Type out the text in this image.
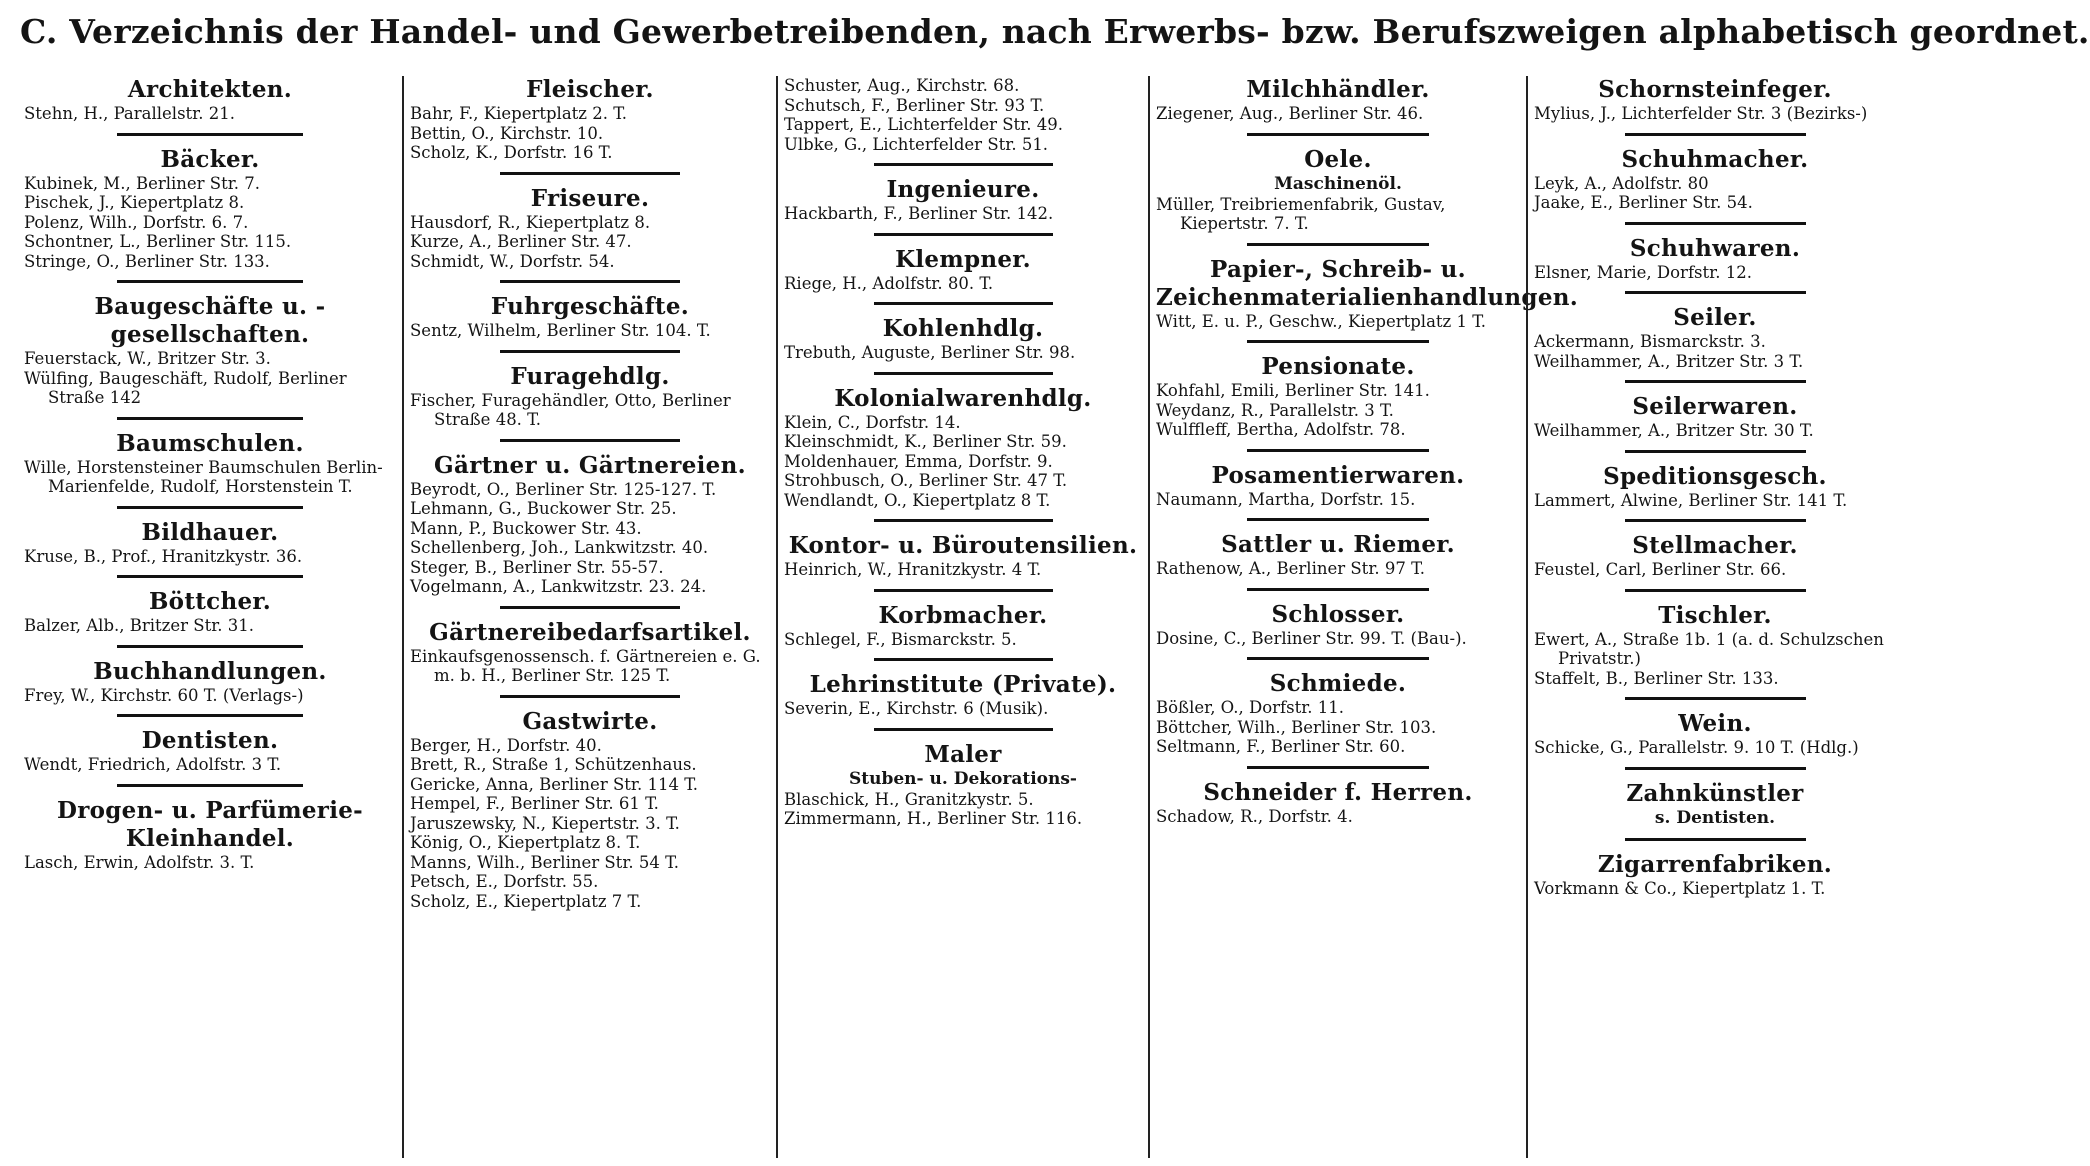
C. Verzeichnis der Handel- und Gewerbetreibenden, nach Erwerbs- bzw. Berufszweigen alphabetisch geordnet.
Architekten.
Stehn, H., Parallelstr. 21.
Bäcker.
Kubinek, M., Berliner Str. 7.
Pischek, J., Kiepertplatz 8.
Polenz, Wilh., Dorfstr. 6. 7.
Schontner, L., Berliner Str. 115.
Stringe, O., Berliner Str. 133.
Baugeschäfte u. -gesellschaften.
Feuerstack, W., Britzer Str. 3.
Wülfing, Baugeschäft, Rudolf, Berliner Straße 142
Baumschulen.
Wille, Horstensteiner Baumschulen Berlin-Marienfelde, Rudolf, Horstenstein T.
Bildhauer.
Kruse, B., Prof., Hranitzkystr. 36.
Böttcher.
Balzer, Alb., Britzer Str. 31.
Buchhandlungen.
Frey, W., Kirchstr. 60 T. (Verlags-)
Dentisten.
Wendt, Friedrich, Adolfstr. 3 T.
Drogen- u. Parfümerie-Kleinhandel.
Lasch, Erwin, Adolfstr. 3. T.
Fleischer.
Bahr, F., Kiepertplatz 2. T.
Bettin, O., Kirchstr. 10.
Scholz, K., Dorfstr. 16 T.
Friseure.
Hausdorf, R., Kiepertplatz 8.
Kurze, A., Berliner Str. 47.
Schmidt, W., Dorfstr. 54.
Fuhrgeschäfte.
Sentz, Wilhelm, Berliner Str. 104. T.
Furagehdlg.
Fischer, Furagehändler, Otto, Berliner Straße 48. T.
Gärtner u. Gärtnereien.
Beyrodt, O., Berliner Str. 125-127. T.
Lehmann, G., Buckower Str. 25.
Mann, P., Buckower Str. 43.
Schellenberg, Joh., Lankwitzstr. 40.
Steger, B., Berliner Str. 55-57.
Vogelmann, A., Lankwitzstr. 23. 24.
Gärtnereibedarfsartikel.
Einkaufsgenossensch. f. Gärtnereien e. G. m. b. H., Berliner Str. 125 T.
Gastwirte.
Berger, H., Dorfstr. 40.
Brett, R., Straße 1, Schützenhaus.
Gericke, Anna, Berliner Str. 114 T.
Hempel, F., Berliner Str. 61 T.
Jaruszewsky, N., Kiepertstr. 3. T.
König, O., Kiepertplatz 8. T.
Manns, Wilh., Berliner Str. 54 T.
Petsch, E., Dorfstr. 55.
Scholz, E., Kiepertplatz 7 T.
Schuster, Aug., Kirchstr. 68.
Schutsch, F., Berliner Str. 93 T.
Tappert, E., Lichterfelder Str. 49.
Ulbke, G., Lichterfelder Str. 51.
Ingenieure.
Hackbarth, F., Berliner Str. 142.
Klempner.
Riege, H., Adolfstr. 80. T.
Kohlenhdlg.
Trebuth, Auguste, Berliner Str. 98.
Kolonialwarenhdlg.
Klein, C., Dorfstr. 14.
Kleinschmidt, K., Berliner Str. 59.
Moldenhauer, Emma, Dorfstr. 9.
Strohbusch, O., Berliner Str. 47 T.
Wendlandt, O., Kiepertplatz 8 T.
Kontor- u. Büroutensilien.
Heinrich, W., Hranitzkystr. 4 T.
Korbmacher.
Schlegel, F., Bismarckstr. 5.
Lehrinstitute (Private).
Severin, E., Kirchstr. 6 (Musik).
Maler
Stuben- u. Dekorations-
Blaschick, H., Granitzkystr. 5.
Zimmermann, H., Berliner Str. 116.
Milchhändler.
Ziegener, Aug., Berliner Str. 46.
Oele.
Maschinenöl.
Müller, Treibriemenfabrik, Gustav, Kiepertstr. 7. T.
Papier-, Schreib- u. Zeichenmaterialienhandlungen.
Witt, E. u. P., Geschw., Kiepertplatz 1 T.
Pensionate.
Kohfahl, Emili, Berliner Str. 141.
Weydanz, R., Parallelstr. 3 T.
Wulffleff, Bertha, Adolfstr. 78.
Posamentierwaren.
Naumann, Martha, Dorfstr. 15.
Sattler u. Riemer.
Rathenow, A., Berliner Str. 97 T.
Schlosser.
Dosine, C., Berliner Str. 99. T. (Bau-).
Schmiede.
Bößler, O., Dorfstr. 11.
Böttcher, Wilh., Berliner Str. 103.
Seltmann, F., Berliner Str. 60.
Schneider f. Herren.
Schadow, R., Dorfstr. 4.
Schornsteinfeger.
Mylius, J., Lichterfelder Str. 3 (Bezirks-)
Schuhmacher.
Leyk, A., Adolfstr. 80
Jaake, E., Berliner Str. 54.
Schuhwaren.
Elsner, Marie, Dorfstr. 12.
Seiler.
Ackermann, Bismarckstr. 3.
Weilhammer, A., Britzer Str. 3 T.
Seilerwaren.
Weilhammer, A., Britzer Str. 30 T.
Speditionsgesch.
Lammert, Alwine, Berliner Str. 141 T.
Stellmacher.
Feustel, Carl, Berliner Str. 66.
Tischler.
Ewert, A., Straße 1b. 1 (a. d. Schulzschen Privatstr.)
Staffelt, B., Berliner Str. 133.
Wein.
Schicke, G., Parallelstr. 9. 10 T. (Hdlg.)
Zahnkünstler
s. Dentisten.
Zigarrenfabriken.
Vorkmann & Co., Kiepertplatz 1. T.
